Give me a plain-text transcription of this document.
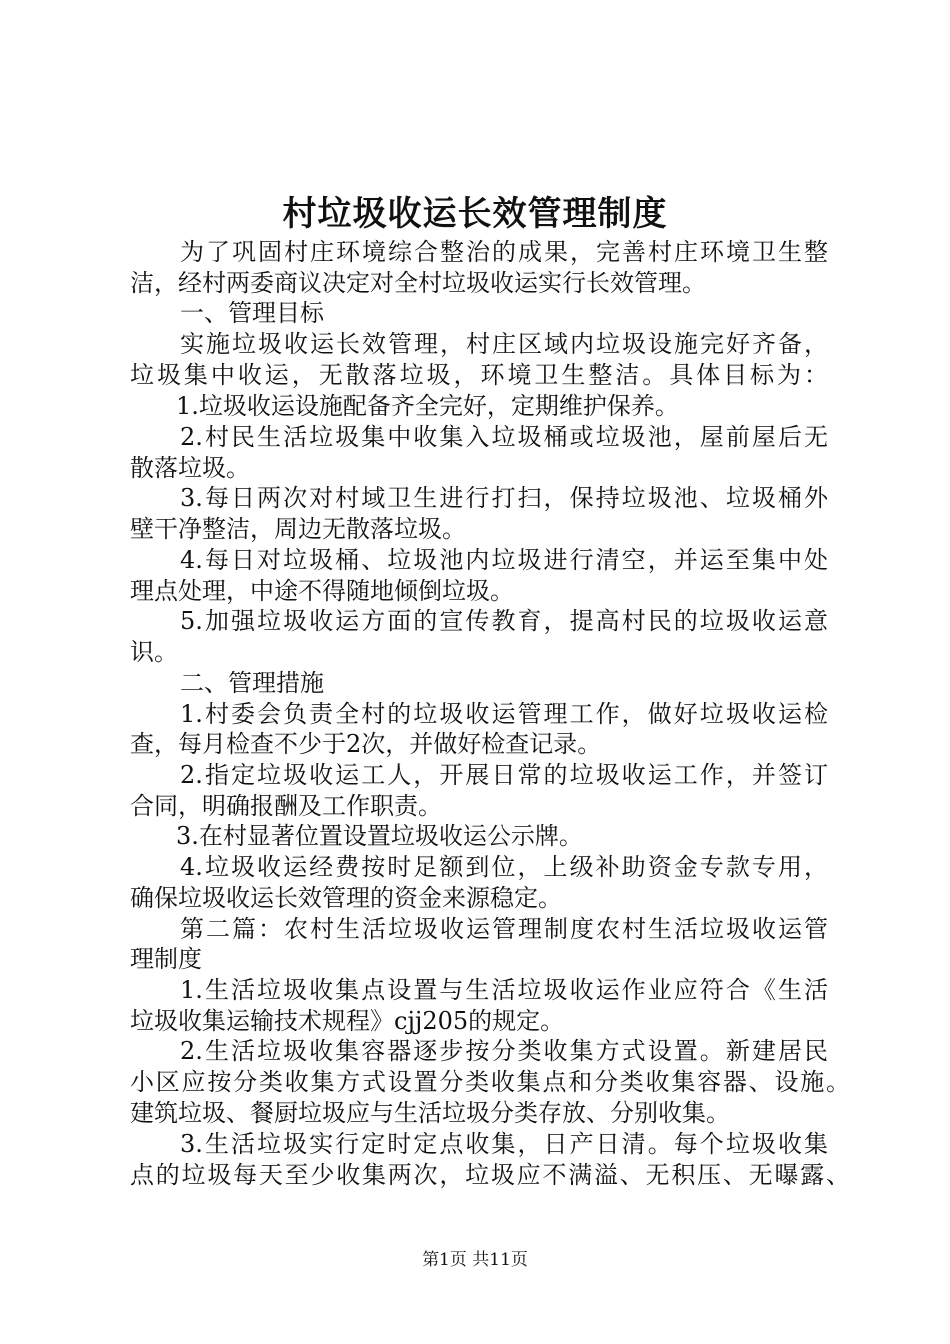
村垃圾收运长效管理制度
为了巩固村庄环境综合整治的成果，完善村庄环境卫生整
洁，经村两委商议决定对全村垃圾收运实行长效管理。
一、管理目标
实施垃圾收运长效管理，村庄区域内垃圾设施完好齐备，
垃圾集中收运，无散落垃圾，环境卫生整洁。具体目标为：
1.垃圾收运设施配备齐全完好，定期维护保养。
2.村民生活垃圾集中收集入垃圾桶或垃圾池，屋前屋后无
散落垃圾。
3.每日两次对村域卫生进行打扫，保持垃圾池、垃圾桶外
壁干净整洁，周边无散落垃圾。
4.每日对垃圾桶、垃圾池内垃圾进行清空，并运至集中处
理点处理，中途不得随地倾倒垃圾。
5.加强垃圾收运方面的宣传教育，提高村民的垃圾收运意
识。
二、管理措施
1.村委会负责全村的垃圾收运管理工作，做好垃圾收运检
查，每月检查不少于2次，并做好检查记录。
2.指定垃圾收运工人，开展日常的垃圾收运工作，并签订
合同，明确报酬及工作职责。
3.在村显著位置设置垃圾收运公示牌。
4.垃圾收运经费按时足额到位，上级补助资金专款专用，
确保垃圾收运长效管理的资金来源稳定。
第二篇：农村生活垃圾收运管理制度农村生活垃圾收运管
理制度
1.生活垃圾收集点设置与生活垃圾收运作业应符合《生活
垃圾收集运输技术规程》cjj205的规定。
2.生活垃圾收集容器逐步按分类收集方式设置。新建居民
小区应按分类收集方式设置分类收集点和分类收集容器、设施。
建筑垃圾、餐厨垃圾应与生活垃圾分类存放、分别收集。
3.生活垃圾实行定时定点收集，日产日清。每个垃圾收集
点的垃圾每天至少收集两次，垃圾应不满溢、无积压、无曝露、
第1页 共11页
